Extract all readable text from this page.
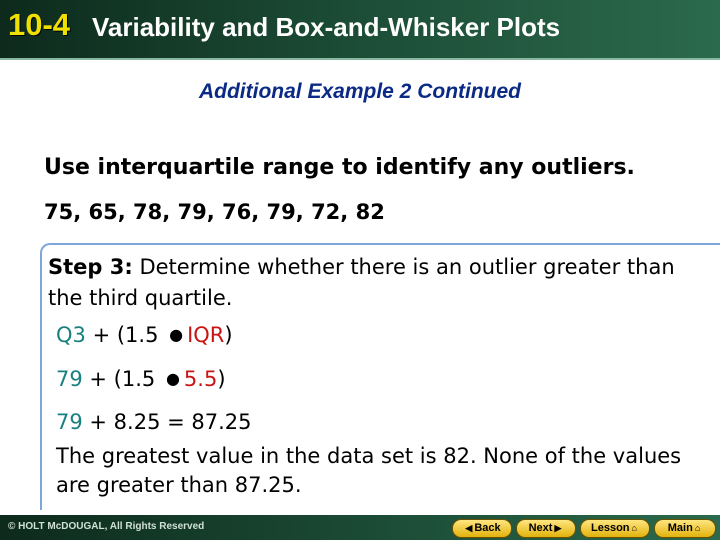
10-4 Variability and Box-and-Whisker Plots
Additional Example 2 Continued
Use interquartile range to identify any outliers.
75, 65, 78, 79, 76, 79, 72, 82
Step 3: Determine whether there is an outlier greater than the third quartile.
Q3 + (1.5 ● IQR)
79 + (1.5 ● 5.5)
79 + 8.25 = 87.25
The greatest value in the data set is 82. None of the values are greater than 87.25.
© HOLT McDOUGAL, All Rights Reserved	◀ Back	Next ▶	Lesson ⌂	Main ⌂
